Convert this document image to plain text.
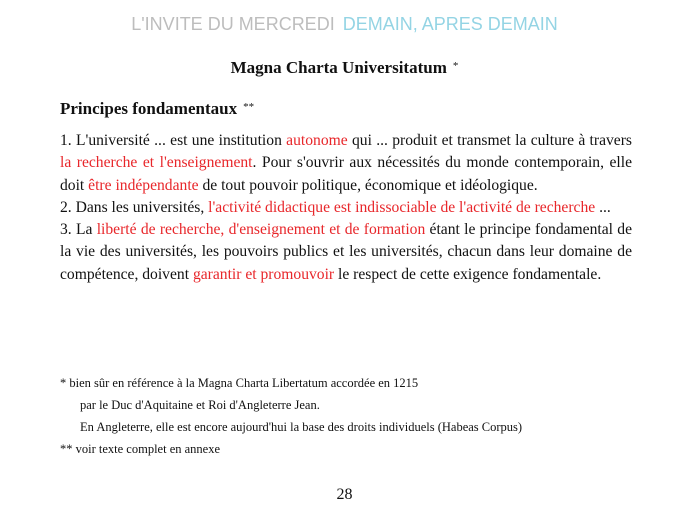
L'INVITE DU MERCREDI DEMAIN, APRES DEMAIN
Magna Charta Universitatum *
Principes fondamentaux **

1. L'université ... est une institution autonome qui ... produit et transmet la culture à travers la recherche et l'enseignement. Pour s'ouvrir aux nécessités du monde contemporain, elle doit être indépendante de tout pouvoir politique, économique et idéologique.

2. Dans les universités, l'activité didactique est indissociable de l'activité de recherche ...

3. La liberté de recherche, d'enseignement et de formation étant le principe fondamental de la vie des universités, les pouvoirs publics et les universités, chacun dans leur domaine de compétence, doivent garantir et promouvoir le respect de cette exigence fondamentale.

* bien sûr en référence à la Magna Charta Libertatum accordée en 1215
par le Duc d'Aquitaine et Roi d'Angleterre Jean.
En Angleterre, elle est encore aujourd'hui la base des droits individuels (Habeas Corpus)
** voir texte complet en annexe
28
